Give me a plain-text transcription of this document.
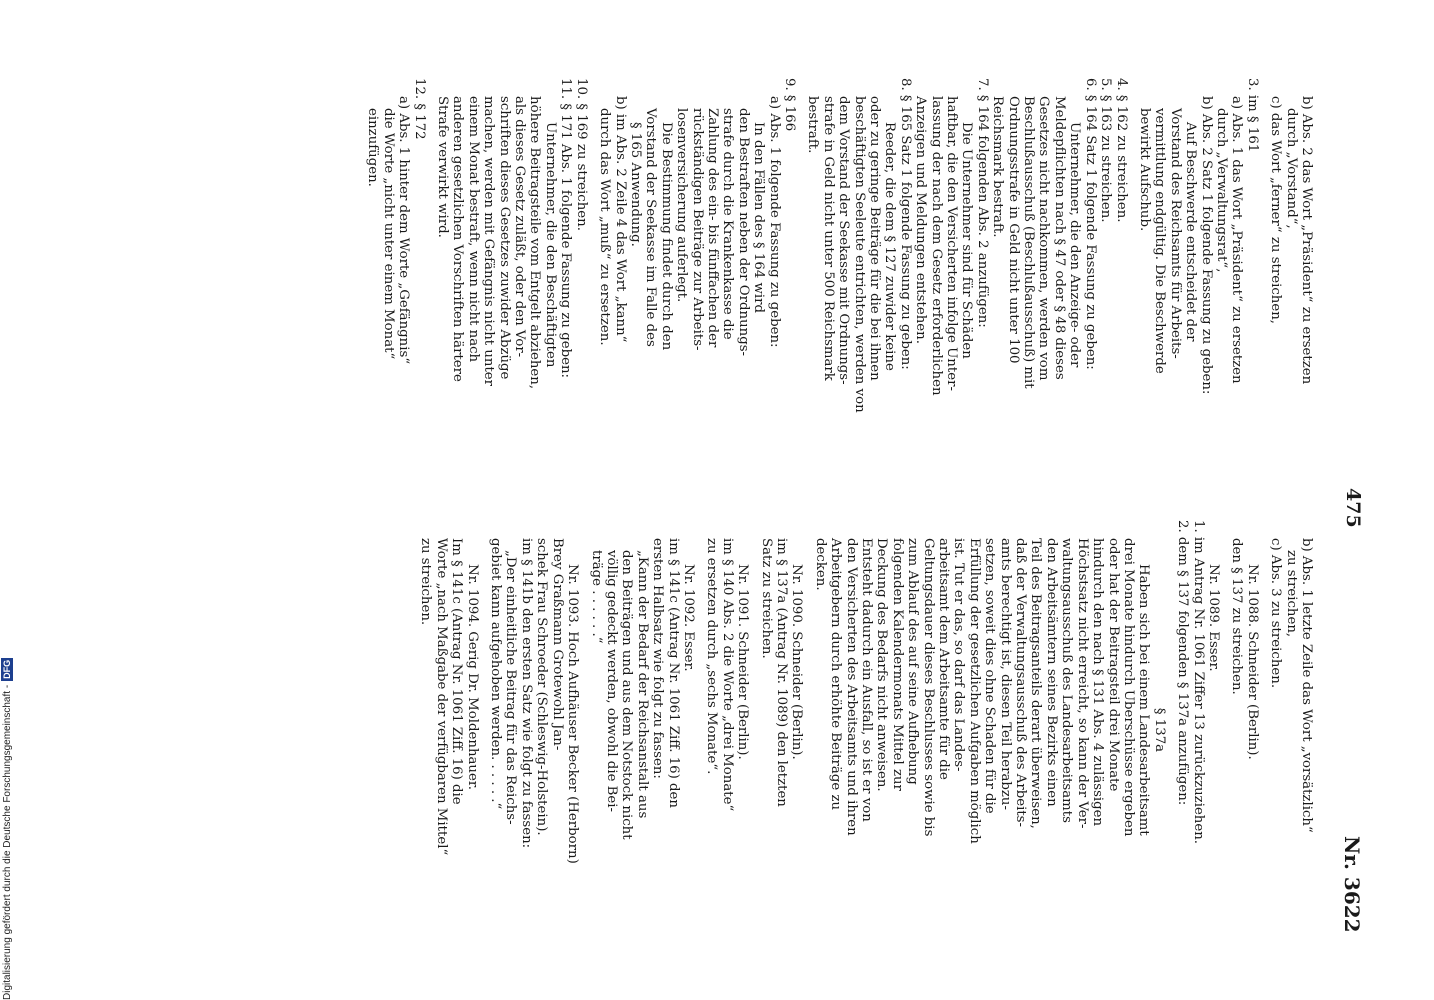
475
Nr. 3622
b) Abs. 2 das Wort „Präsident“ zu ersetzen
durch „Vorstand“,
c) das Wort „ferner“ zu streichen,
3. im § 161
a) Abs. 1 das Wort „Präsident“ zu ersetzen
durch „Verwaltungsrat“,
b) Abs. 2 Satz 1 folgende Fassung zu geben:
Auf Beschwerde entscheidet der
Vorstand des Reichsamts für Arbeits-
vermittlung endgültig. Die Beschwerde
bewirkt Aufschub.
4. § 162 zu streichen.
5. § 163 zu streichen.
6. § 164 Satz 1 folgende Fassung zu geben:
Unternehmer, die den Anzeige- oder
Meldepflichten nach § 47 oder § 48 dieses
Gesetzes nicht nachkommen, werden vom
Beschlußausschuß (Beschlußausschuß) mit
Ordnungsstrafe in Geld nicht unter 100
Reichsmark bestraft.
7. § 164 folgenden Abs. 2 anzufügen:
Die Unternehmer sind für Schäden
haftbar, die den Versicherten infolge Unter-
lassung der nach dem Gesetz erforderlichen
Anzeigen und Meldungen entstehen.
8. § 165 Satz 1 folgende Fassung zu geben:
Reeder, die dem § 127 zuwider keine
oder zu geringe Beiträge für die bei ihnen
beschäftigten Seeleute entrichten, werden von
dem Vorstand der Seekasse mit Ordnungs-
strafe in Geld nicht unter 500 Reichsmark
bestraft.
9. § 166
a) Abs. 1 folgende Fassung zu geben:
In den Fällen des § 164 wird
den Bestraften neben der Ordnungs-
strafe durch die Krankenkasse die
Zahlung des ein- bis fünffachen der
rückständigen Beiträge zur Arbeits-
losenversicherung auferlegt.
Die Bestimmung findet durch den
Vorstand der Seekasse im Falle des
§ 165 Anwendung.
b) im Abs. 2 Zeile 4 das Wort „kann“
durch das Wort „muß“ zu ersetzen.
10. § 169 zu streichen.
11. § 171 Abs. 1 folgende Fassung zu geben:
Unternehmer, die den Beschäftigten
höhere Beitragsteile vom Entgelt abziehen,
als dieses Gesetz zuläßt, oder den Vor-
schriften dieses Gesetzes zuwider Abzüge
machen, werden mit Gefängnis nicht unter
einem Monat bestraft, wenn nicht nach
anderen gesetzlichen Vorschriften härtere
Strafe verwirkt wird.
12. § 172
a) Abs. 1 hinter dem Worte „Gefängnis“
die Worte „nicht unter einem Monat“
einzufügen.
b) Abs. 1 letzte Zeile das Wort „vorsätzlich“
zu streichen,
c) Abs. 3 zu streichen.
Nr. 1088. Schneider (Berlin).
den § 137 zu streichen.
Nr. 1089. Esser.
1. im Antrag Nr. 1061 Ziffer 13 zurückzuziehen.
2. dem § 137 folgenden § 137a anzufügen:
§ 137a
Haben sich bei einem Landesarbeitsamt
drei Monate hindurch Überschüsse ergeben
oder hat der Beitragsteil drei Monate
hindurch den nach § 131 Abs. 4 zulässigen
Höchstsatz nicht erreicht, so kann der Ver-
waltungsausschuß des Landesarbeitsamts
den Arbeitsämtern seines Bezirks einen
Teil des Beitragsanteils derart überweisen,
daß der Verwaltungsausschuß des Arbeits-
amts berechtigt ist, diesen Teil herabzu-
setzen, soweit dies ohne Schaden für die
Erfüllung der gesetzlichen Aufgaben möglich
ist. Tut er das, so darf das Landes-
arbeitsamt dem Arbeitsamte für die
Geltungsdauer dieses Beschlusses sowie bis
zum Ablauf des auf seine Aufhebung
folgenden Kalendermonats Mittel zur
Deckung des Bedarfs nicht anweisen.
Entsteht dadurch ein Ausfall, so ist er von
den Versicherten des Arbeitsamts und ihren
Arbeitgebern durch erhöhte Beiträge zu
decken.
Nr. 1090. Schneider (Berlin).
im § 137a (Antrag Nr. 1089) den letzten
Satz zu streichen.
Nr. 1091. Schneider (Berlin).
im § 140 Abs. 2 die Worte „drei Monate“
zu ersetzen durch „sechs Monate“.
Nr. 1092. Esser.
im § 141c (Antrag Nr. 1061 Ziff. 16) den
ersten Halbsatz wie folgt zu fassen:
„Kann der Bedarf der Reichsanstalt aus
den Beiträgen und aus dem Notstock nicht
völlig gedeckt werden, obwohl die Bei-
träge . . . . . .“
Nr. 1093. Hoch Aufhäuser Becker (Herborn)
Brey Graßmann Grotewohl Jan-
schek Frau Schroeder (Schleswig-Holstein).
im § 141b den ersten Satz wie folgt zu fassen:
„Der einheitliche Beitrag für das Reichs-
gebiet kann aufgehoben werden. . . . . .“
Nr. 1094. Gerig Dr. Moldenhauer.
Im § 141c (Antrag Nr. 1061 Ziff. 16) die
Worte „nach Maßgabe der verfügbaren Mittel“
zu streichen.
Digitalisierung gefördert durch die Deutsche Forschungsgemeinschaft -
DFG
